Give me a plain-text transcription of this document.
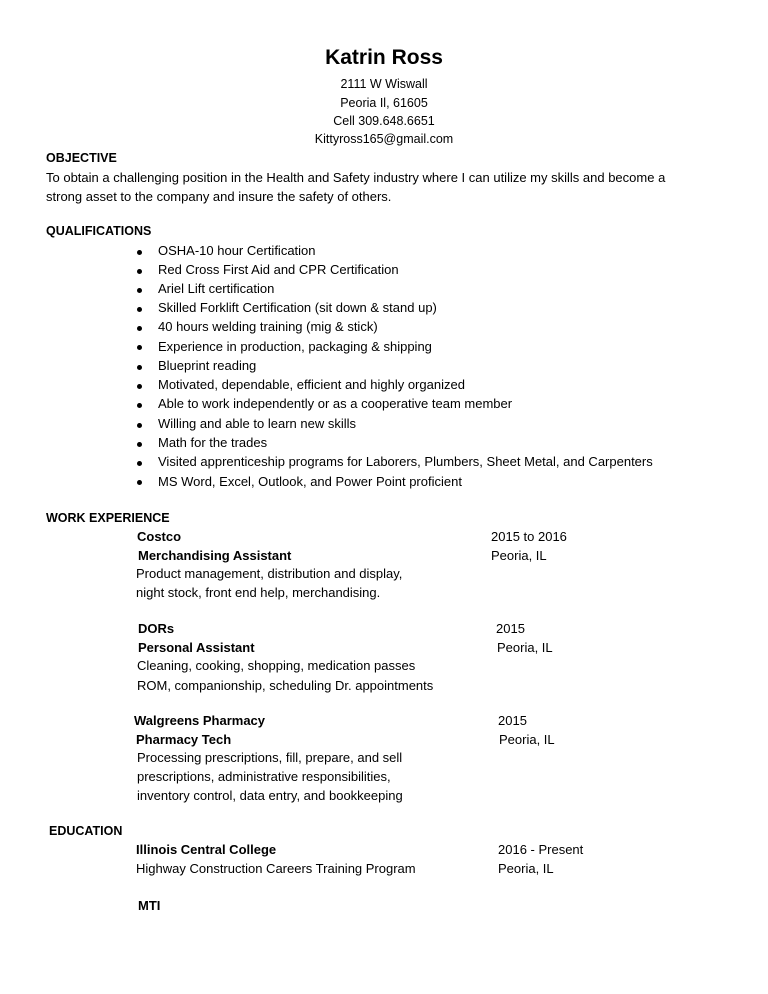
Katrin Ross
2111 W Wiswall
Peoria Il, 61605
Cell 309.648.6651
Kittyross165@gmail.com
OBJECTIVE
To obtain a challenging position in the Health and Safety industry where I can utilize my skills and become a
strong asset to the company and insure the safety of others.
QUALIFICATIONS
OSHA-10 hour Certification
Red Cross First Aid and CPR Certification
Ariel Lift certification
Skilled Forklift Certification (sit down & stand up)
40 hours welding training (mig & stick)
Experience in production, packaging & shipping
Blueprint reading
Motivated, dependable, efficient and highly organized
Able to work independently or as a cooperative team member
Willing and able to learn new skills
Math for the trades
Visited apprenticeship programs for Laborers, Plumbers, Sheet Metal, and Carpenters
MS Word, Excel, Outlook, and Power Point proficient
WORK EXPERIENCE
Costco	2015 to 2016
Merchandising Assistant	Peoria, IL
Product management, distribution and display,
night stock, front end help, merchandising.
DORs	2015
Personal Assistant	Peoria, IL
Cleaning, cooking, shopping, medication passes
ROM, companionship, scheduling Dr. appointments
Walgreens Pharmacy	2015
Pharmacy Tech	Peoria, IL
Processing prescriptions, fill, prepare, and sell
prescriptions, administrative responsibilities,
inventory control, data entry, and bookkeeping
EDUCATION
Illinois Central College	2016 - Present
Highway Construction Careers Training Program	Peoria, IL
MTI
